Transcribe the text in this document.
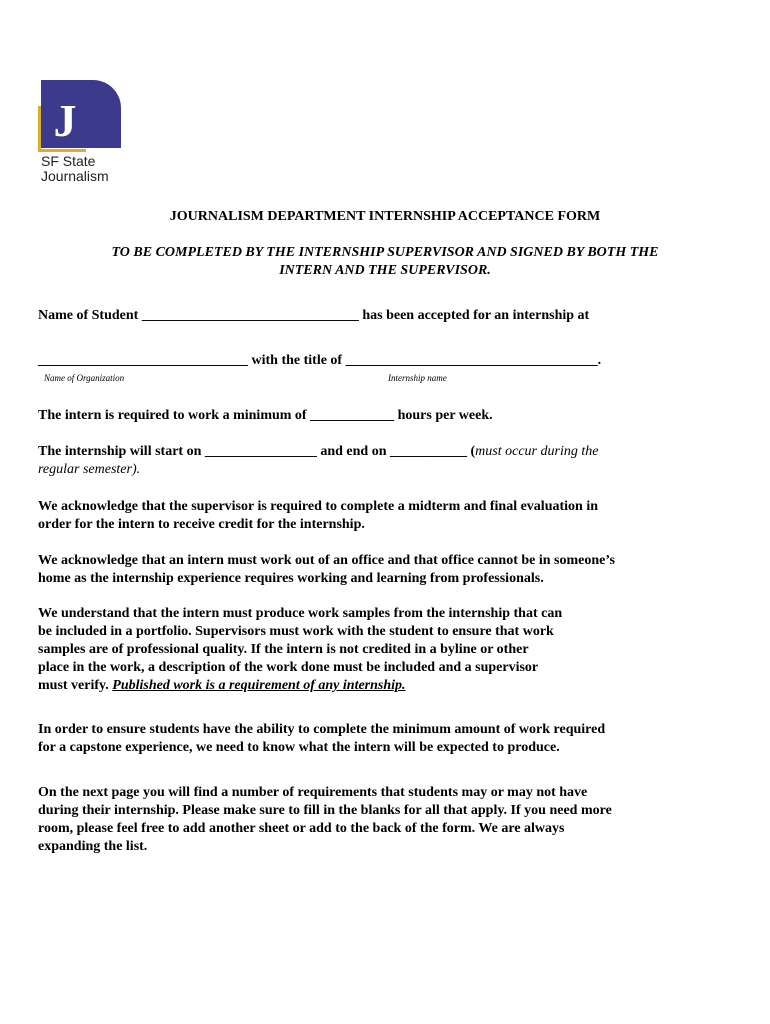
J
SF State
Journalism
JOURNALISM DEPARTMENT INTERNSHIP ACCEPTANCE FORM
TO BE COMPLETED BY THE INTERNSHIP SUPERVISOR AND SIGNED BY BOTH THE
INTERN AND THE SUPERVISOR.
Name of Student _______________________________ has been accepted for an internship at
______________________________ with the title of ____________________________________.
Name of Organization	Internship name
The intern is required to work a minimum of ____________ hours per week.
The internship will start on ________________ and end on ___________ (must occur during the
regular semester).
We acknowledge that the supervisor is required to complete a midterm and final evaluation in
order for the intern to receive credit for the internship.
We acknowledge that an intern must work out of an office and that office cannot be in someone’s
home as the internship experience requires working and learning from professionals.
We understand that the intern must produce work samples from the internship that can
be included in a portfolio. Supervisors must work with the student to ensure that work
samples are of professional quality. If the intern is not credited in a byline or other
place in the work, a description of the work done must be included and a supervisor
must verify. Published work is a requirement of any internship.
In order to ensure students have the ability to complete the minimum amount of work required
for a capstone experience, we need to know what the intern will be expected to produce.
On the next page you will find a number of requirements that students may or may not have
during their internship. Please make sure to fill in the blanks for all that apply. If you need more
room, please feel free to add another sheet or add to the back of the form. We are always
expanding the list.
